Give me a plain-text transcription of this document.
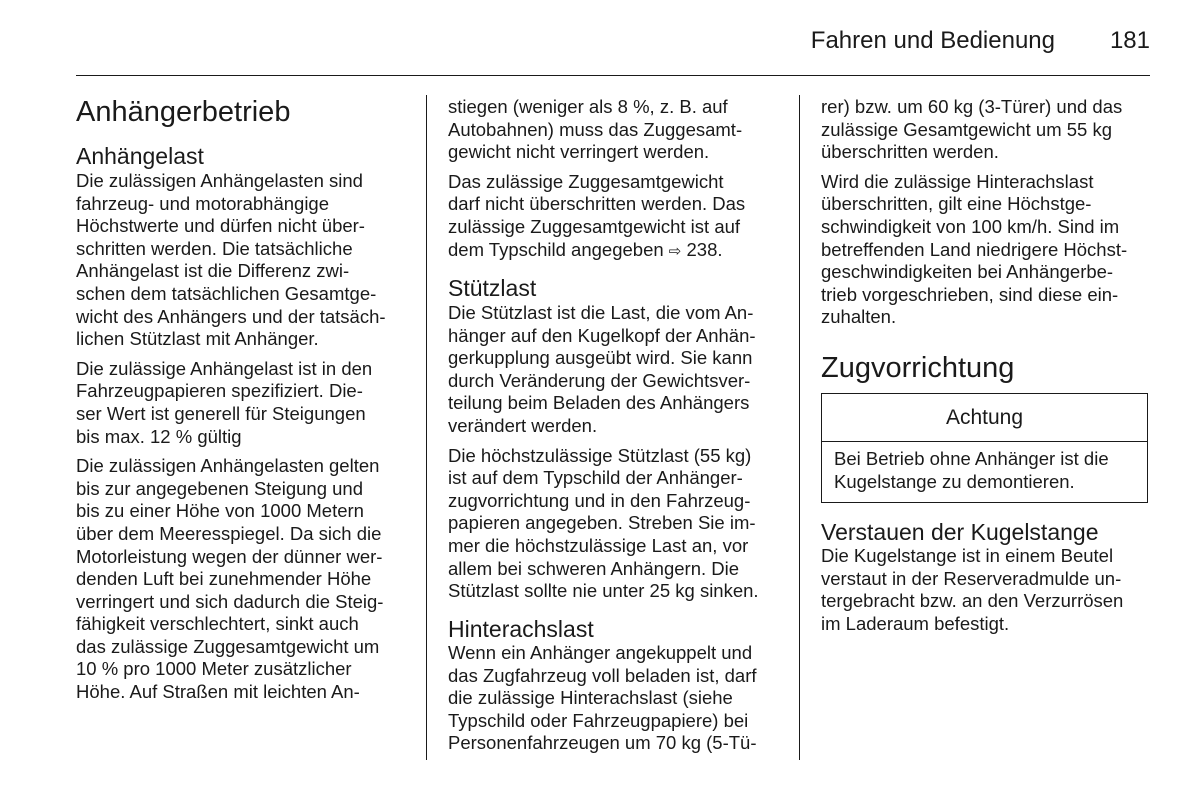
Fahren und Bedienung	181
Anhängerbetrieb
Anhängelast

Die zulässigen Anhängelasten sind

fahrzeug- und motorabhängige

Höchstwerte und dürfen nicht über-

schritten werden. Die tatsächliche

Anhängelast ist die Differenz zwi-

schen dem tatsächlichen Gesamtge-

wicht des Anhängers und der tatsäch-

lichen Stützlast mit Anhänger.

Die zulässige Anhängelast ist in den

Fahrzeugpapieren spezifiziert. Die-

ser Wert ist generell für Steigungen

bis max. 12 % gültig

Die zulässigen Anhängelasten gelten

bis zur angegebenen Steigung und

bis zu einer Höhe von 1000 Metern

über dem Meeresspiegel. Da sich die

Motorleistung wegen der dünner wer-

denden Luft bei zunehmender Höhe

verringert und sich dadurch die Steig-

fähigkeit verschlechtert, sinkt auch

das zulässige Zuggesamtgewicht um

10 % pro 1000 Meter zusätzlicher

Höhe. Auf Straßen mit leichten An-

stiegen (weniger als 8 %, z. B. auf

Autobahnen) muss das Zuggesamt-

gewicht nicht verringert werden.

Das zulässige Zuggesamtgewicht

darf nicht überschritten werden. Das

zulässige Zuggesamtgewicht ist auf

dem Typschild angegeben ⇨ 238.

Stützlast

Die Stützlast ist die Last, die vom An-

hänger auf den Kugelkopf der Anhän-

gerkupplung ausgeübt wird. Sie kann

durch Veränderung der Gewichtsver-

teilung beim Beladen des Anhängers

verändert werden.

Die höchstzulässige Stützlast (55 kg)

ist auf dem Typschild der Anhänger-

zugvorrichtung und in den Fahrzeug-

papieren angegeben. Streben Sie im-

mer die höchstzulässige Last an, vor

allem bei schweren Anhängern. Die

Stützlast sollte nie unter 25 kg sinken.

Hinterachslast

Wenn ein Anhänger angekuppelt und

das Zugfahrzeug voll beladen ist, darf

die zulässige Hinterachslast (siehe

Typschild oder Fahrzeugpapiere) bei

Personenfahrzeugen um 70 kg (5-Tü-

rer) bzw. um 60 kg (3-Türer) und das

zulässige Gesamtgewicht um 55 kg

überschritten werden.

Wird die zulässige Hinterachslast

überschritten, gilt eine Höchstge-

schwindigkeit von 100 km/h. Sind im

betreffenden Land niedrigere Höchst-

geschwindigkeiten bei Anhängerbe-

trieb vorgeschrieben, sind diese ein-

zuhalten.

Zugvorrichtung
Achtung

Bei Betrieb ohne Anhänger ist die

Kugelstange zu demontieren.

Verstauen der Kugelstange

Die Kugelstange ist in einem Beutel

verstaut in der Reserveradmulde un-

tergebracht bzw. an den Verzurrösen

im Laderaum befestigt.
